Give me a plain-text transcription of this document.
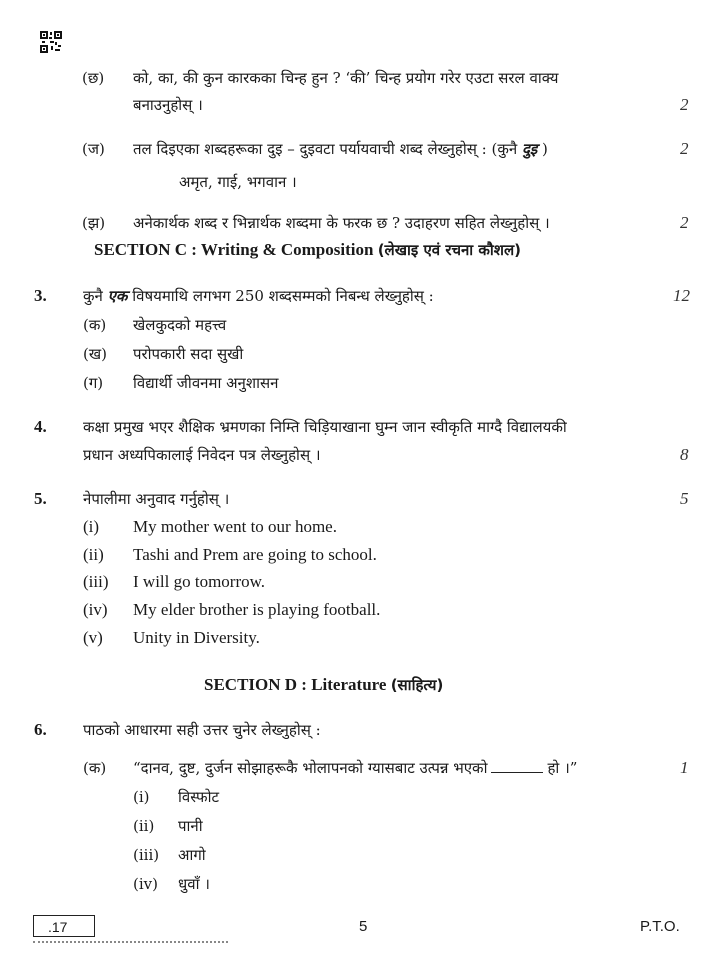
(छ) को, का, की कुन कारकका चिन्ह हुन ? ‘की’ चिन्ह प्रयोग गरेर एउटा सरल वाक्य
बनाउनुहोस् ।	2
(ज) तल दिइएका शब्दहरूका दुइ – दुइवटा पर्यायवाची शब्द लेख्नुहोस् : (कुनै दुइ )	2
अमृत, गाई, भगवान ।
(झ) अनेकार्थक शब्द र भिन्नार्थक शब्दमा के फरक छ ? उदाहरण सहित लेख्नुहोस् ।	2
SECTION C : Writing & Composition (लेखाइ एवं रचना कौशल)
3. कुनै एक विषयमाथि लगभग 250 शब्दसम्मको निबन्ध लेख्नुहोस् :	12
(क) खेलकुदको महत्त्व
(ख) परोपकारी सदा सुखी
(ग) विद्यार्थी जीवनमा अनुशासन
4. कक्षा प्रमुख भएर शैक्षिक भ्रमणका निम्ति चिड़ियाखाना घुम्न जान स्वीकृति माग्दै विद्यालयकी
प्रधान अध्यपिकालाई निवेदन पत्र लेख्नुहोस् ।	8
5. नेपालीमा अनुवाद गर्नुहोस् ।	5
(i) My mother went to our home.
(ii) Tashi and Prem are going to school.
(iii) I will go tomorrow.
(iv) My elder brother is playing football.
(v) Unity in Diversity.
SECTION D : Literature (साहित्य)
6. पाठको आधारमा सही उत्तर चुनेर लेख्नुहोस् :
(क) “दानव, दुष्ट, दुर्जन सोझाहरूकै भोलापनको ग्यासबाट उत्पन्न भएको	हो ।”	1
(i) विस्फोट
(ii) पानी
(iii) आगो
(iv) धुवाँ ।
.17	5	P.T.O.
